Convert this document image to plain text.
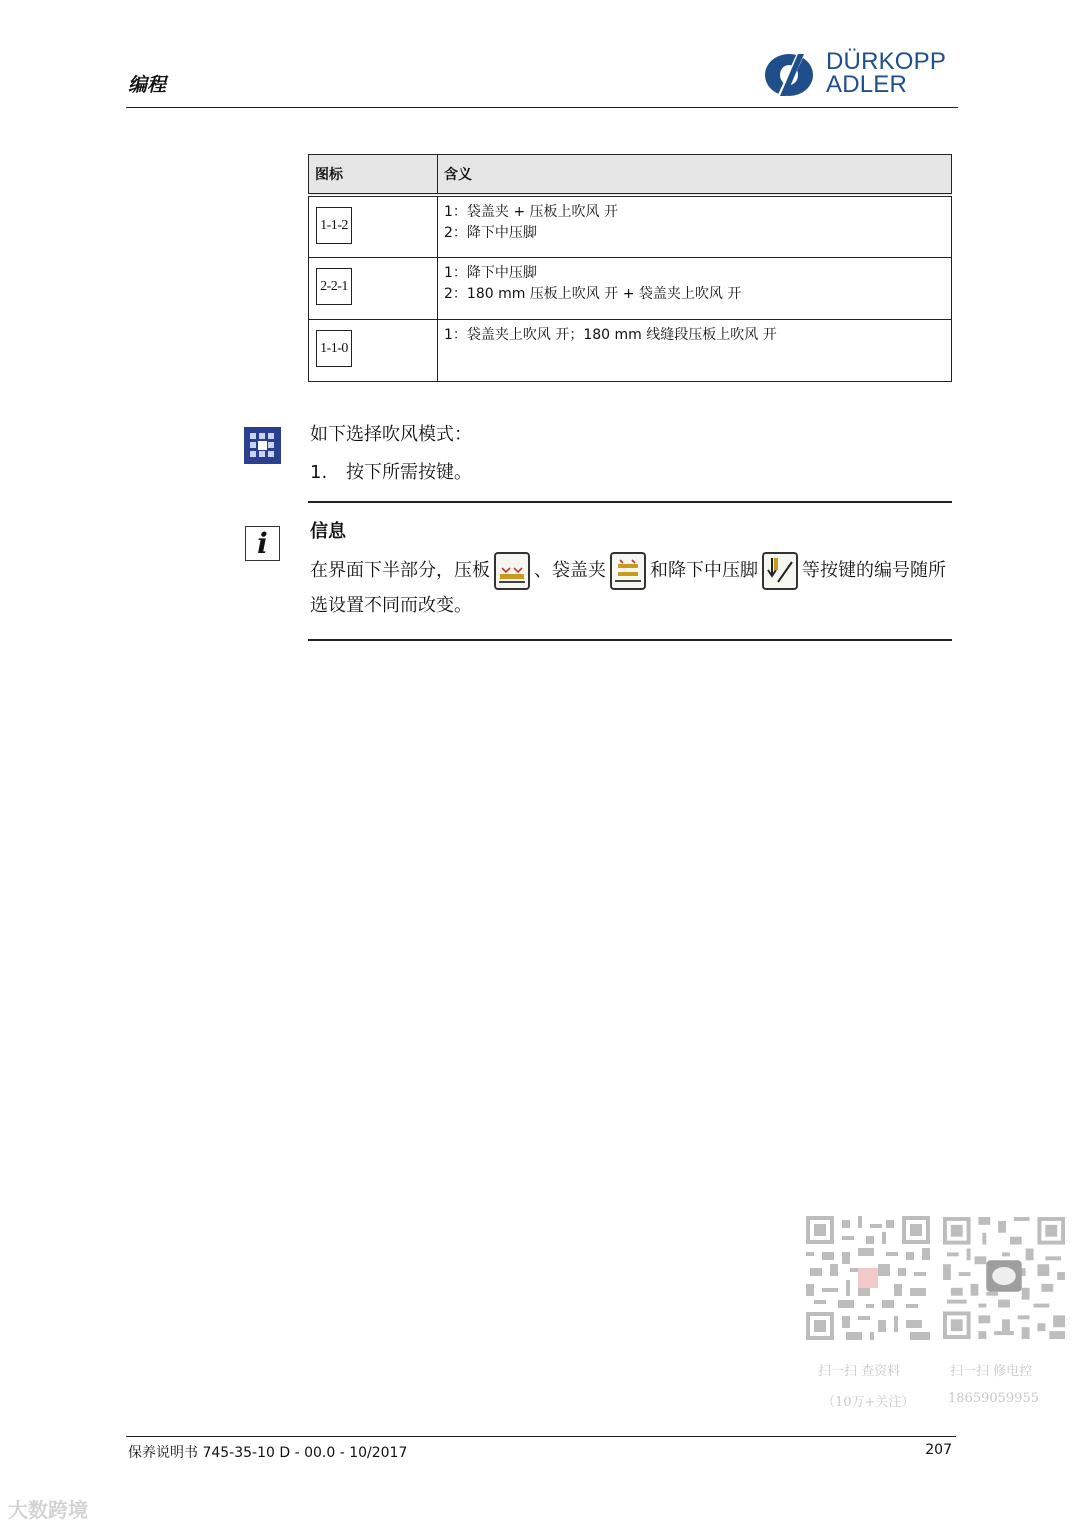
编程
DÜRKOPP
ADLER
图标	含义
1-1-2	1：袋盖夹 + 压板上吹风 开
2：降下中压脚

2-2-1	1：降下中压脚
2：180 mm 压板上吹风 开 + 袋盖夹上吹风 开

1-1-0	1：袋盖夹上吹风 开；180 mm 线缝段压板上吹风 开
如下选择吹风模式：
1. 按下所需按键。
i	信息
在界面下半部分，压板 、袋盖夹 和降下中压脚 等按键的编号随所选设置不同而改变。
扫一扫 查资料
（10万+关注）
扫一扫 修电控
18659059955
保养说明书 745-35-10 D - 00.0 - 10/2017	207
大数跨境
